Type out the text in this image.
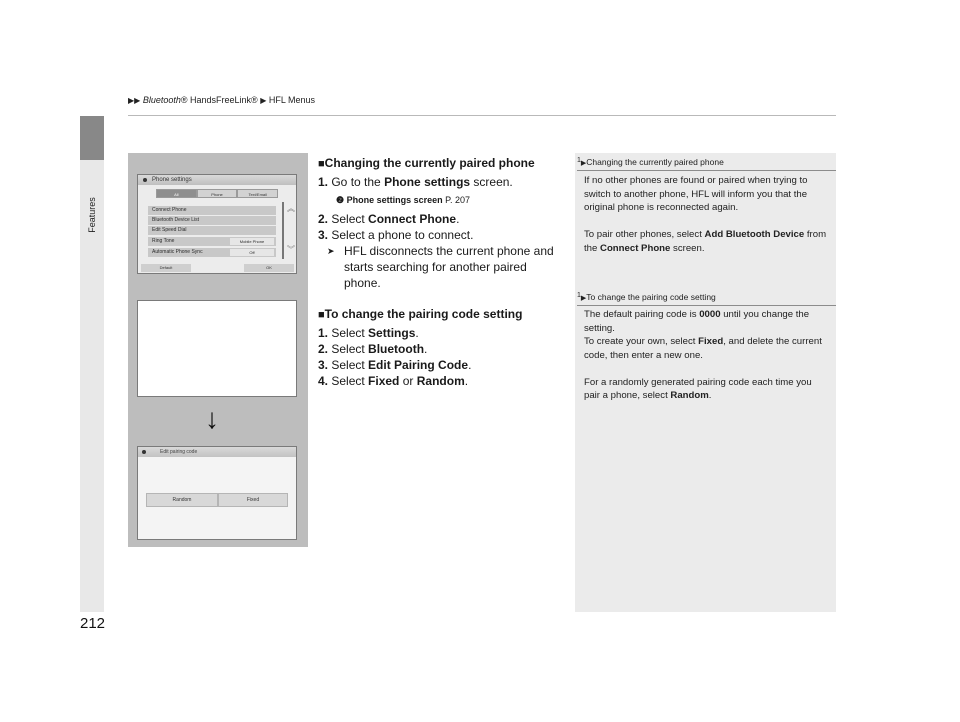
▶▶ Bluetooth® HandsFreeLink® ▶ HFL Menus
Features
212
Phone settings
All	Phone	Text/Email
Connect Phone
Bluetooth Device List
Edit Speed Dial
Ring Tone	Mobile Phone
Automatic Phone Sync	Off
︽
︾
Default	OK
↓
Edit pairing code
Random	Fixed
■Changing the currently paired phone
1. Go to the Phone settings screen.
❷ Phone settings screen P. 207
2. Select Connect Phone.
3. Select a phone to connect.
➤ HFL disconnects the current phone and starts searching for another paired phone.
■To change the pairing code setting
1. Select Settings.
2. Select Bluetooth.
3. Select Edit Pairing Code.
4. Select Fixed or Random.
$^1$▶Changing the currently paired phone

If no other phones are found or paired when trying to switch to another phone, HFL will inform you that the original phone is reconnected again.

To pair other phones, select Add Bluetooth Device from the Connect Phone screen.

$^1$▶To change the pairing code setting

The default pairing code is 0000 until you change the setting.

To create your own, select Fixed, and delete the current code, then enter a new one.

For a randomly generated pairing code each time you pair a phone, select Random.
